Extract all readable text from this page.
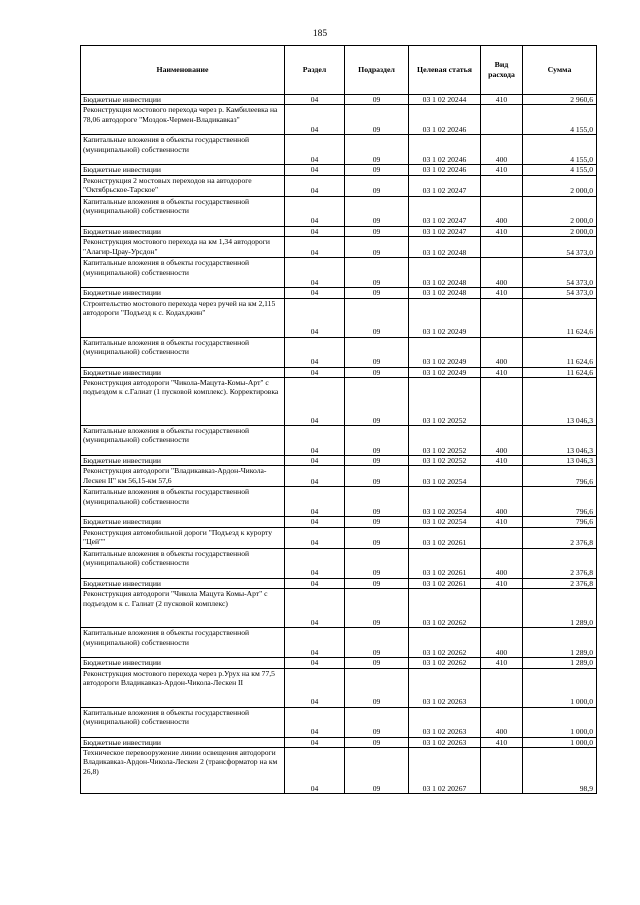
185
Наименование	Раздел	Подраздел	Целевая статья	Вид расхода	Сумма
Бюджетные инвестиции	04	09	03 1 02 20244	410	2 960,6
Реконструкция мостового перехода через р. Камбилеевка на 78,06 автодороге "Моздок-Чермен-Владикавказ"	04	09	03 1 02 20246		4 155,0
Капитальные вложения в объекты государственной (муниципальной) собственности	04	09	03 1 02 20246	400	4 155,0
Бюджетные инвестиции	04	09	03 1 02 20246	410	4 155,0
Реконструкция 2 мостовых переходов на автодороге "Октябрьское-Тарское"	04	09	03 1 02 20247		2 000,0
Капитальные вложения в объекты государственной (муниципальной) собственности	04	09	03 1 02 20247	400	2 000,0
Бюджетные инвестиции	04	09	03 1 02 20247	410	2 000,0
Реконструкция мостового перехода на км 1,34 автодороги "Алагир-Црау-Урсдон"	04	09	03 1 02 20248		54 373,0
Капитальные вложения в объекты государственной (муниципальной) собственности	04	09	03 1 02 20248	400	54 373,0
Бюджетные инвестиции	04	09	03 1 02 20248	410	54 373,0
Строительство мостового перехода через ручей на км 2,115 автодороги "Подъезд к с. Кодахджин"	04	09	03 1 02 20249		11 624,6
Капитальные вложения в объекты государственной (муниципальной) собственности	04	09	03 1 02 20249	400	11 624,6
Бюджетные инвестиции	04	09	03 1 02 20249	410	11 624,6
Реконструкция автодороги "Чикола-Мацута-Комы-Арт" с подъездом к с.Галиат (1 пусковой комплекс). Корректировка	04	09	03 1 02 20252		13 046,3
Капитальные вложения в объекты государственной (муниципальной) собственности	04	09	03 1 02 20252	400	13 046,3
Бюджетные инвестиции	04	09	03 1 02 20252	410	13 046,3
Реконструкция автодороги "Владикавказ-Ардон-Чикола-Лескен II" км 56,15-км 57,6	04	09	03 1 02 20254		796,6
Капитальные вложения в объекты государственной (муниципальной) собственности	04	09	03 1 02 20254	400	796,6
Бюджетные инвестиции	04	09	03 1 02 20254	410	796,6
Реконструкция автомобильной дороги "Подъезд к курорту "Цей""	04	09	03 1 02 20261		2 376,8
Капитальные вложения в объекты государственной (муниципальной) собственности	04	09	03 1 02 20261	400	2 376,8
Бюджетные инвестиции	04	09	03 1 02 20261	410	2 376,8
Реконструкция автодороги "Чикола Мацута Комы-Арт" с подъездом к с. Галиат (2 пусковой комплекс)	04	09	03 1 02 20262		1 289,0
Капитальные вложения в объекты государственной (муниципальной) собственности	04	09	03 1 02 20262	400	1 289,0
Бюджетные инвестиции	04	09	03 1 02 20262	410	1 289,0
Реконструкция мостового перехода через р.Урух на км 77,5 автодороги Владикавказ-Ардон-Чикола-Лескен II	04	09	03 1 02 20263		1 000,0
Капитальные вложения в объекты государственной (муниципальной) собственности	04	09	03 1 02 20263	400	1 000,0
Бюджетные инвестиции	04	09	03 1 02 20263	410	1 000,0
Техническое перевооружение линии освещения автодороги Владикавказ-Ардон-Чикола-Лескен 2 (трансформатор на км 26,8)	04	09	03 1 02 20267		98,9
